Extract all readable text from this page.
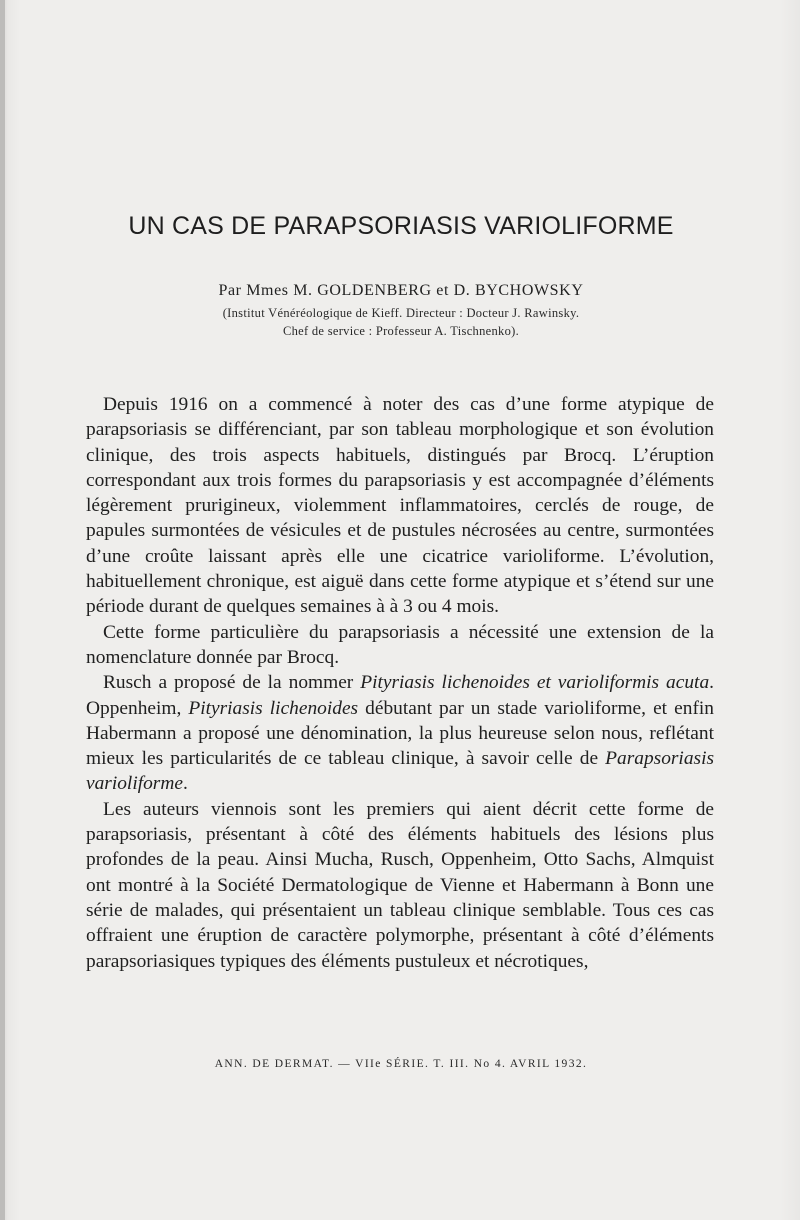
UN CAS DE PARAPSORIASIS VARIOLIFORME
Par Mmes M. GOLDENBERG et D. BYCHOWSKY
(Institut Vénéréologique de Kieff. Directeur : Docteur J. Rawinsky.
Chef de service : Professeur A. Tischnenko).

Depuis 1916 on a commencé à noter des cas d’une forme atypique de parapsoriasis se différenciant, par son tableau morphologique et son évolution clinique, des trois aspects habituels, distingués par Brocq. L’éruption correspondant aux trois formes du parapsoriasis y est accompagnée d’éléments légèrement prurigineux, violemment inflammatoires, cerclés de rouge, de papules surmontées de vésicules et de pustules nécrosées au centre, surmontées d’une croûte laissant après elle une cicatrice varioliforme. L’évolution, habituellement chronique, est aiguë dans cette forme atypique et s’étend sur une période durant de quelques semaines à à 3 ou 4 mois.

Cette forme particulière du parapsoriasis a nécessité une extension de la nomenclature donnée par Brocq.

Rusch a proposé de la nommer Pityriasis lichenoides et varioliformis acuta. Oppenheim, Pityriasis lichenoides débutant par un stade varioliforme, et enfin Habermann a proposé une dénomination, la plus heureuse selon nous, reflétant mieux les particularités de ce tableau clinique, à savoir celle de Parapsoriasis varioliforme.

Les auteurs viennois sont les premiers qui aient décrit cette forme de parapsoriasis, présentant à côté des éléments habituels des lésions plus profondes de la peau. Ainsi Mucha, Rusch, Oppenheim, Otto Sachs, Almquist ont montré à la Société Dermatologique de Vienne et Habermann à Bonn une série de malades, qui présentaient un tableau clinique semblable. Tous ces cas offraient une éruption de caractère polymorphe, présentant à côté d’éléments parapsoriasiques typiques des éléments pustuleux et nécrotiques,

ANN. DE DERMAT. — VIIe SÉRIE. T. III. No 4. AVRIL 1932.
